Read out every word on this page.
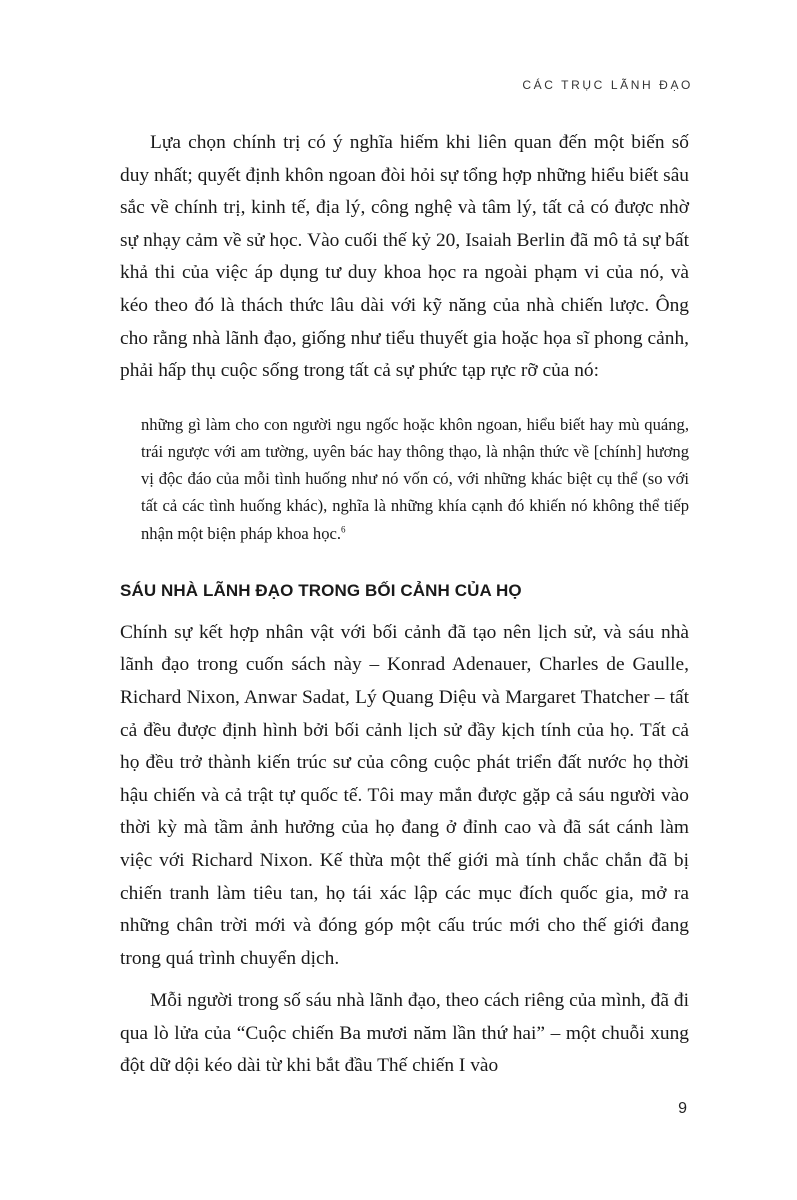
CÁC TRỤC LÃNH ĐẠO

Lựa chọn chính trị có ý nghĩa hiếm khi liên quan đến một biến số duy nhất; quyết định khôn ngoan đòi hỏi sự tổng hợp những hiểu biết sâu sắc về chính trị, kinh tế, địa lý, công nghệ và tâm lý, tất cả có được nhờ sự nhạy cảm về sử học. Vào cuối thế kỷ 20, Isaiah Berlin đã mô tả sự bất khả thi của việc áp dụng tư duy khoa học ra ngoài phạm vi của nó, và kéo theo đó là thách thức lâu dài với kỹ năng của nhà chiến lược. Ông cho rằng nhà lãnh đạo, giống như tiểu thuyết gia hoặc họa sĩ phong cảnh, phải hấp thụ cuộc sống trong tất cả sự phức tạp rực rỡ của nó:

những gì làm cho con người ngu ngốc hoặc khôn ngoan, hiểu biết hay mù quáng, trái ngược với am tường, uyên bác hay thông thạo, là nhận thức về [chính] hương vị độc đáo của mỗi tình huống như nó vốn có, với những khác biệt cụ thể (so với tất cả các tình huống khác), nghĩa là những khía cạnh đó khiến nó không thể tiếp nhận một biện pháp khoa học.$^6$
SÁU NHÀ LÃNH ĐẠO TRONG BỐI CẢNH CỦA HỌ

Chính sự kết hợp nhân vật với bối cảnh đã tạo nên lịch sử, và sáu nhà lãnh đạo trong cuốn sách này – Konrad Adenauer, Charles de Gaulle, Richard Nixon, Anwar Sadat, Lý Quang Diệu và Margaret Thatcher – tất cả đều được định hình bởi bối cảnh lịch sử đầy kịch tính của họ. Tất cả họ đều trở thành kiến trúc sư của công cuộc phát triển đất nước họ thời hậu chiến và cả trật tự quốc tế. Tôi may mắn được gặp cả sáu người vào thời kỳ mà tầm ảnh hưởng của họ đang ở đỉnh cao và đã sát cánh làm việc với Richard Nixon. Kế thừa một thế giới mà tính chắc chắn đã bị chiến tranh làm tiêu tan, họ tái xác lập các mục đích quốc gia, mở ra những chân trời mới và đóng góp một cấu trúc mới cho thế giới đang trong quá trình chuyển dịch.

Mỗi người trong số sáu nhà lãnh đạo, theo cách riêng của mình, đã đi qua lò lửa của “Cuộc chiến Ba mươi năm lần thứ hai” – một chuỗi xung đột dữ dội kéo dài từ khi bắt đầu Thế chiến I vào

9
